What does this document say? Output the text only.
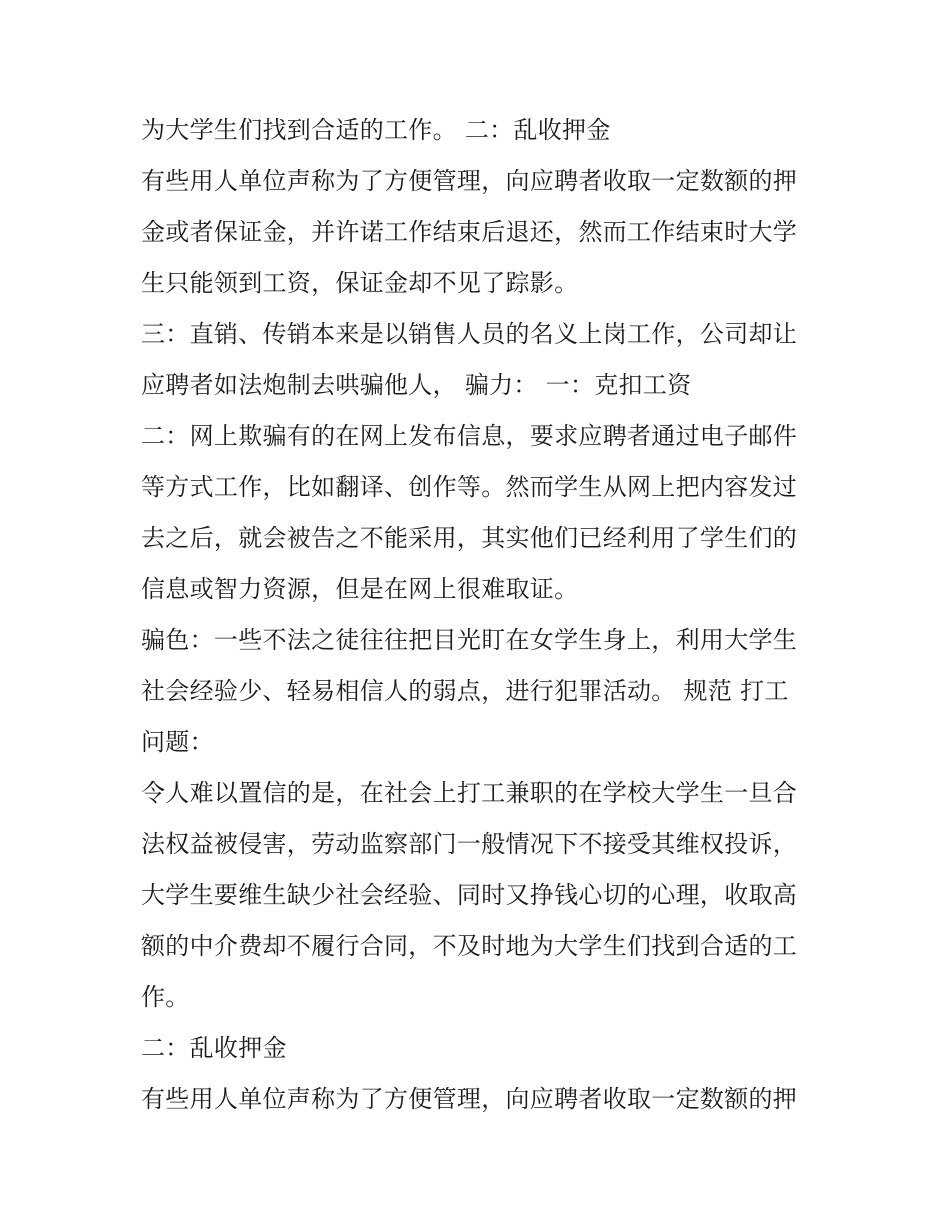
为大学生们找到合适的工作。 二：乱收押金
有些用人单位声称为了方便管理，向应聘者收取一定数额的押
金或者保证金，并许诺工作结束后退还，然而工作结束时大学
生只能领到工资，保证金却不见了踪影。
三：直销、传销本来是以销售人员的名义上岗工作，公司却让
应聘者如法炮制去哄骗他人， 骗力： 一：克扣工资
二：网上欺骗有的在网上发布信息，要求应聘者通过电子邮件
等方式工作，比如翻译、创作等。然而学生从网上把内容发过
去之后，就会被告之不能采用，其实他们已经利用了学生们的
信息或智力资源，但是在网上很难取证。
骗色：一些不法之徒往往把目光盯在女学生身上，利用大学生
社会经验少、轻易相信人的弱点，进行犯罪活动。 规范 打工
问题：
令人难以置信的是，在社会上打工兼职的在学校大学生一旦合
法权益被侵害，劳动监察部门一般情况下不接受其维权投诉，
大学生要维生缺少社会经验、同时又挣钱心切的心理，收取高
额的中介费却不履行合同，不及时地为大学生们找到合适的工
作。
二：乱收押金
有些用人单位声称为了方便管理，向应聘者收取一定数额的押
